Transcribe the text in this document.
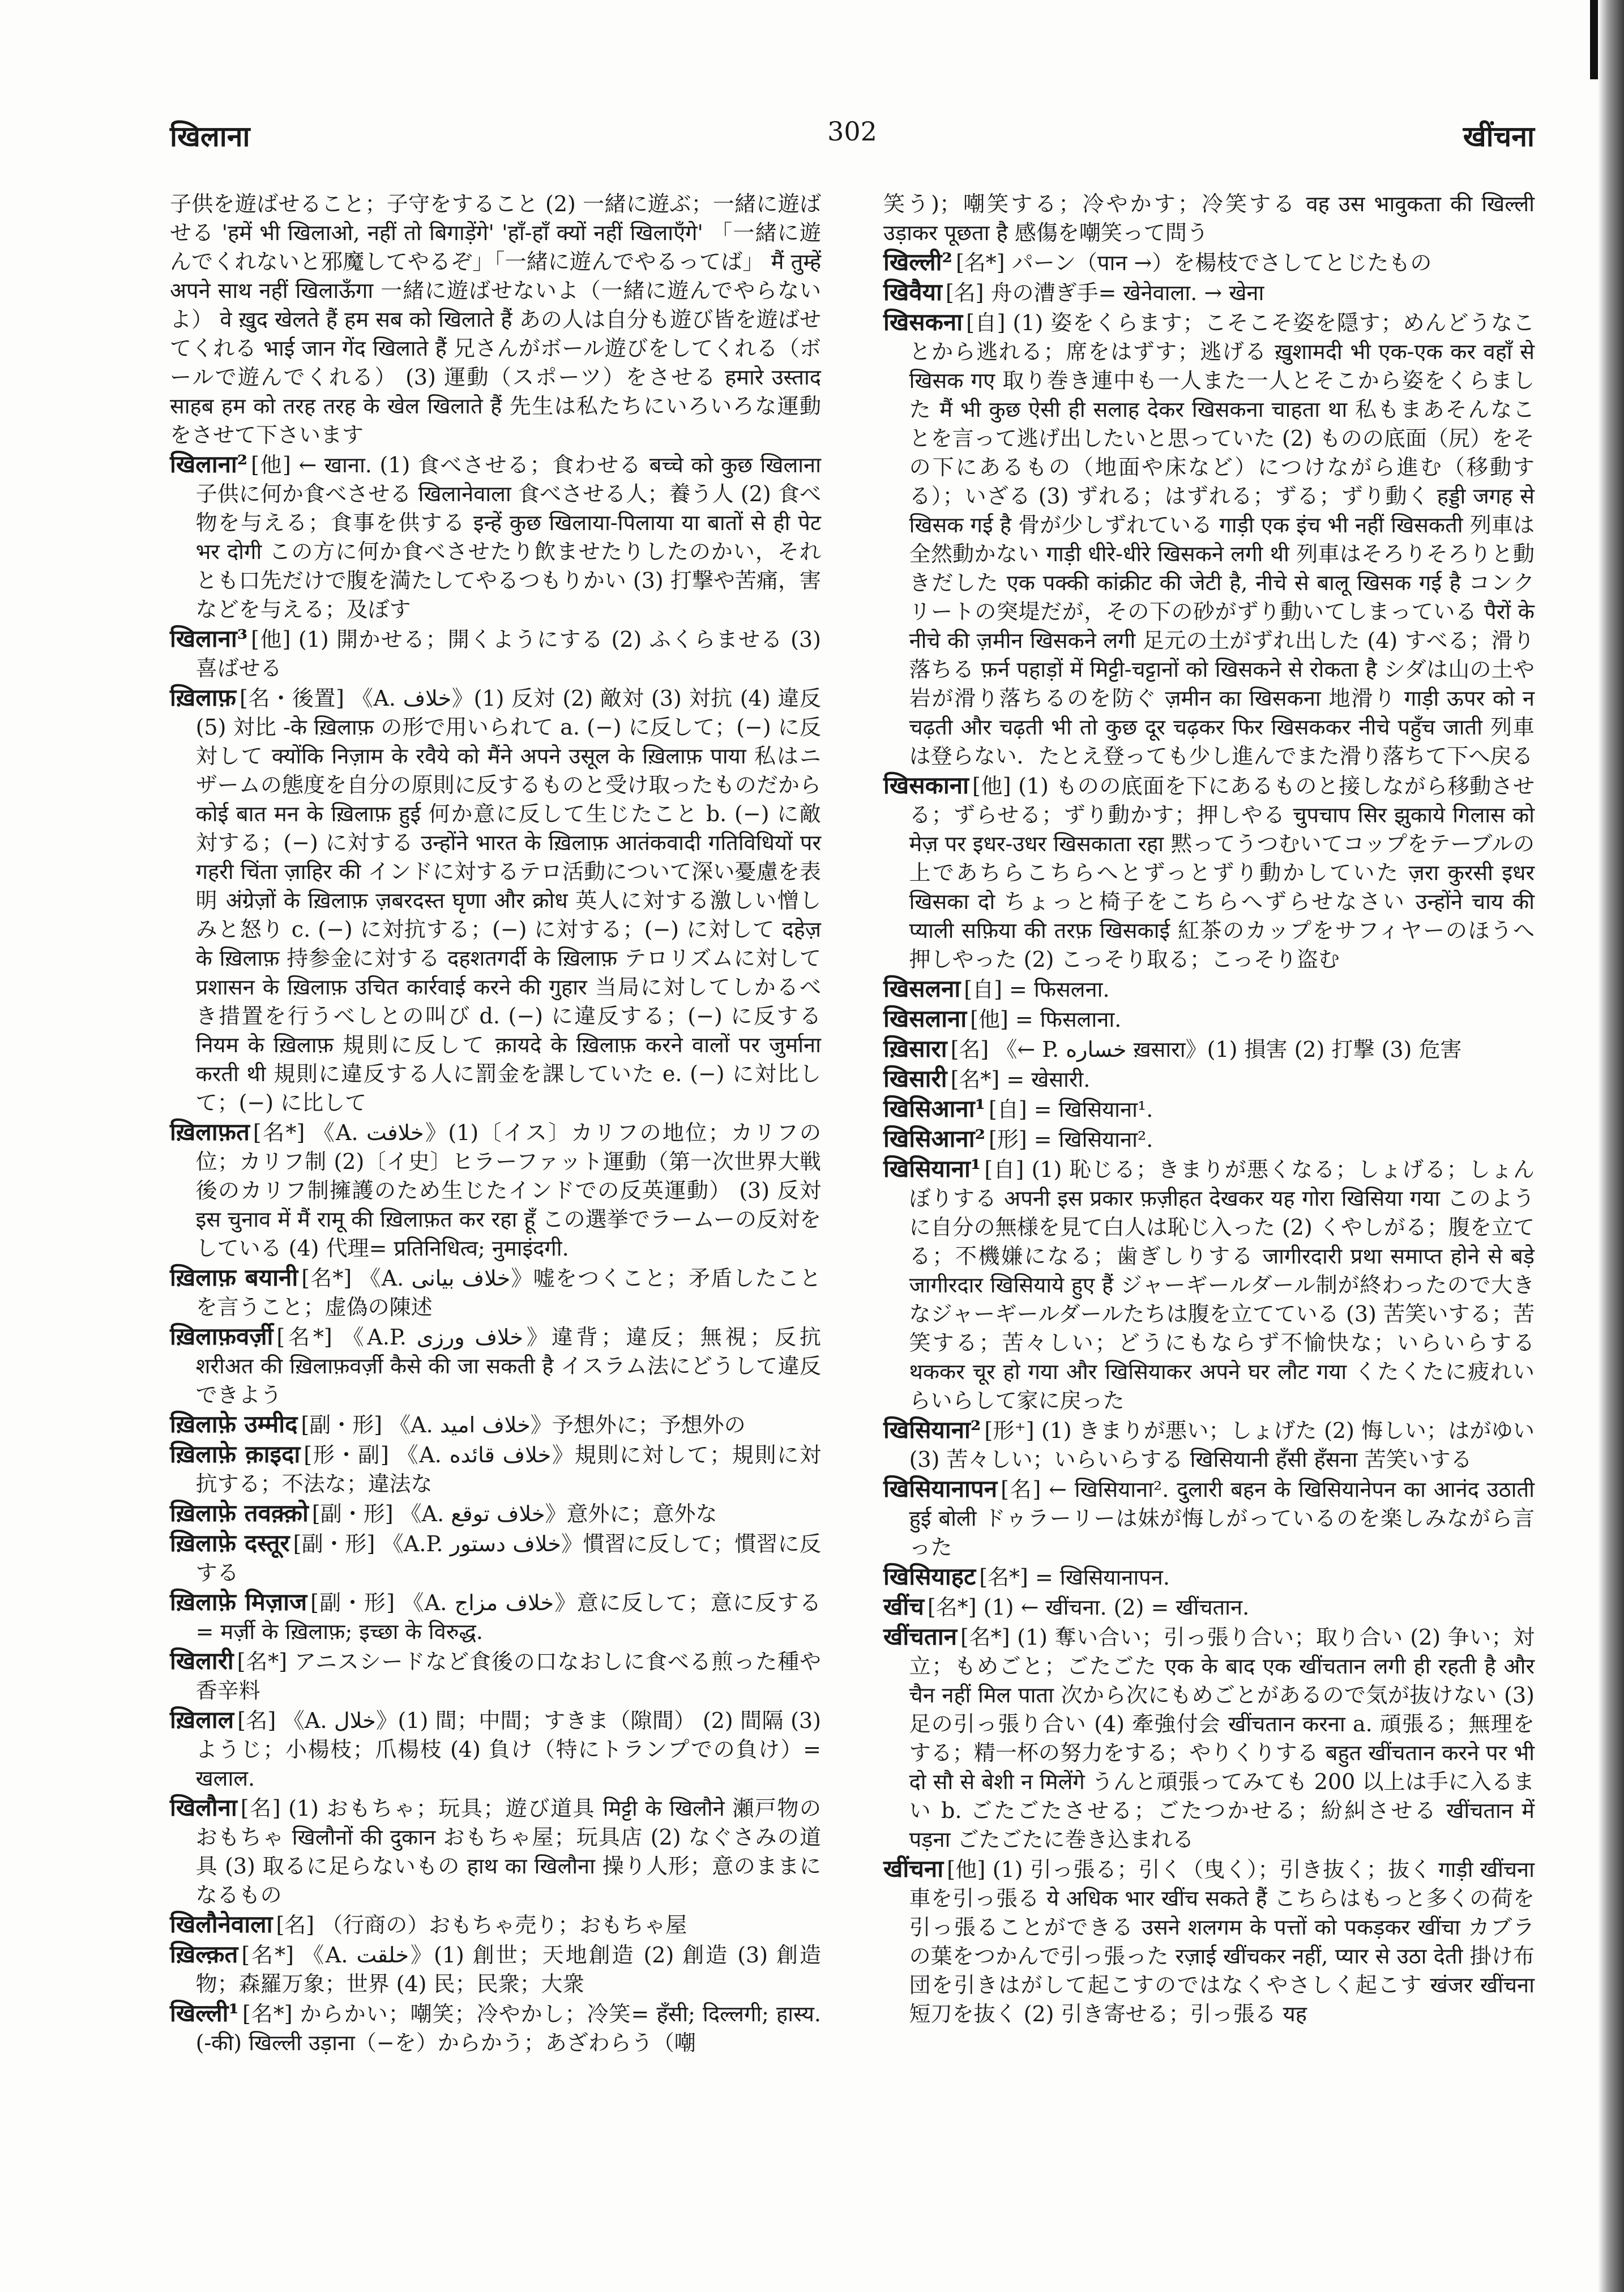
खिलाना	302	खींचना

子供を遊ばせること；子守をすること (2) 一緒に遊ぶ；一緒に遊ばせる 'हमें भी खिलाओ, नहीं तो बिगाड़ेंगे' 'हाँ-हाँ क्यों नहीं खिलाएँगे' 「一緒に遊んでくれないと邪魔してやるぞ」「一緒に遊んでやるってば」 मैं तुम्हें अपने साथ नहीं खिलाऊँगा 一緒に遊ばせないよ（一緒に遊んでやらないよ） वे ख़ुद खेलते हैं हम सब को खिलाते हैं あの人は自分も遊び皆を遊ばせてくれる भाई जान गेंद खिलाते हैं 兄さんがボール遊びをしてくれる（ボールで遊んでくれる） (3) 運動（スポーツ）をさせる हमारे उस्ताद साहब हम को तरह तरह के खेल खिलाते हैं 先生は私たちにいろいろな運動をさせて下さいます

खिलाना² [他] ← खाना. (1) 食べさせる；食わせる बच्चे को कुछ खिलाना 子供に何か食べさせる खिलानेवाला 食べさせる人；養う人 (2) 食べ物を与える；食事を供する इन्हें कुछ खिलाया-पिलाया या बातों से ही पेट भर दोगी この方に何か食べさせたり飲ませたりしたのかい，それとも口先だけで腹を満たしてやるつもりかい (3) 打撃や苦痛，害などを与える；及ぼす

खिलाना³ [他] (1) 開かせる；開くようにする (2) ふくらませる (3) 喜ばせる

ख़िलाफ़ [名・後置] 《A. خلاف》(1) 反対 (2) 敵対 (3) 対抗 (4) 違反 (5) 対比 -के ख़िलाफ़ の形で用いられて a. (−) に反して；(−) に反対して क्योंकि निज़ाम के रवैये को मैंने अपने उसूल के ख़िलाफ़ पाया 私はニザームの態度を自分の原則に反するものと受け取ったものだから कोई बात मन के ख़िलाफ़ हुई 何か意に反して生じたこと b. (−) に敵対する；(−) に対する उन्होंने भारत के ख़िलाफ़ आतंकवादी गतिविधियों पर गहरी चिंता ज़ाहिर की インドに対するテロ活動について深い憂慮を表明 अंग्रेज़ों के ख़िलाफ़ ज़बरदस्त घृणा और क्रोध 英人に対する激しい憎しみと怒り c. (−) に対抗する；(−) に対する；(−) に対して दहेज़ के ख़िलाफ़ 持参金に対する दहशतगर्दी के ख़िलाफ़ テロリズムに対して प्रशासन के ख़िलाफ़ उचित कार्रवाई करने की गुहार 当局に対してしかるべき措置を行うべしとの叫び d. (−) に違反する；(−) に反する नियम के ख़िलाफ़ 規則に反して क़ायदे के ख़िलाफ़ करने वालों पर जुर्माना करती थी 規則に違反する人に罰金を課していた e. (−) に対比して；(−) に比して

ख़िलाफ़त [名*] 《A. خلافت》(1)〔イス〕カリフの地位；カリフの位；カリフ制 (2)〔イ史〕ヒラーファット運動（第一次世界大戦後のカリフ制擁護のため生じたインドでの反英運動） (3) 反対 इस चुनाव में मैं रामू की ख़िलाफ़त कर रहा हूँ この選挙でラームーの反対をしている (4) 代理= प्रतिनिधित्व; नुमाइंदगी.

ख़िलाफ़ बयानी [名*] 《A. خلاف بیانی》嘘をつくこと；矛盾したことを言うこと；虚偽の陳述

ख़िलाफ़वर्ज़ी [名*] 《A.P. خلاف ورزی》違背；違反；無視；反抗 शरीअत की ख़िलाफ़वर्ज़ी कैसे की जा सकती है イスラム法にどうして違反できよう

ख़िलाफ़े उम्मीद [副・形] 《A. خلاف امید》予想外に；予想外の

ख़िलाफ़े क़ाइदा [形・副] 《A. خلاف قائده》規則に対して；規則に対抗する；不法な；違法な

ख़िलाफ़े तवक़्क़ो [副・形] 《A. خلاف توقع》意外に；意外な

ख़िलाफ़े दस्तूर [副・形] 《A.P. خلاف دستور》慣習に反して；慣習に反する

ख़िलाफ़े मिज़ाज [副・形] 《A. خلاف مزاج》意に反して；意に反する= मर्ज़ी के ख़िलाफ़; इच्छा के विरुद्ध.

खिलारी [名*] アニスシードなど食後の口なおしに食べる煎った種や香辛料

ख़िलाल [名] 《A. خلال》(1) 間；中間；すきま（隙間） (2) 間隔 (3) ようじ；小楊枝；爪楊枝 (4) 負け（特にトランプでの負け）= खलाल.

खिलौना [名] (1) おもちゃ；玩具；遊び道具 मिट्टी के खिलौने 瀬戸物のおもちゃ खिलौनों की दुकान おもちゃ屋；玩具店 (2) なぐさみの道具 (3) 取るに足らないもの हाथ का खिलौना 操り人形；意のままになるもの

खिलौनेवाला [名] （行商の）おもちゃ売り；おもちゃ屋

ख़िल्क़त [名*] 《A. خلقت》(1) 創世；天地創造 (2) 創造 (3) 創造物；森羅万象；世界 (4) 民；民衆；大衆

खिल्ली¹ [名*] からかい；嘲笑；冷やかし；冷笑= हँसी; दिल्लगी; हास्य. (-की) खिल्ली उड़ाना（−を）からかう；あざわらう（嘲

笑う)；嘲笑する；冷やかす；冷笑する वह उस भावुकता की खिल्ली उड़ाकर पूछता है 感傷を嘲笑って問う

खिल्ली² [名*] パーン（पान →）を楊枝でさしてとじたもの

खिवैया [名] 舟の漕ぎ手= खेनेवाला. → खेना

खिसकना [自] (1) 姿をくらます；こそこそ姿を隠す；めんどうなことから逃れる；席をはずす；逃げる ख़ुशामदी भी एक-एक कर वहाँ से खिसक गए 取り巻き連中も一人また一人とそこから姿をくらました मैं भी कुछ ऐसी ही सलाह देकर खिसकना चाहता था 私もまあそんなことを言って逃げ出したいと思っていた (2) ものの底面（尻）をその下にあるもの（地面や床など）につけながら進む（移動する）；いざる (3) ずれる；はずれる；ずる；ずり動く हड्डी जगह से खिसक गई है 骨が少しずれている गाड़ी एक इंच भी नहीं खिसकती 列車は全然動かない गाड़ी धीरे-धीरे खिसकने लगी थी 列車はそろりそろりと動きだした एक पक्की कांक्रीट की जेटी है, नीचे से बालू खिसक गई है コンクリートの突堤だが，その下の砂がずり動いてしまっている पैरों के नीचे की ज़मीन खिसकने लगी 足元の土がずれ出した (4) すべる；滑り落ちる फ़र्न पहाड़ों में मिट्टी-चट्टानों को खिसकने से रोकता है シダは山の土や岩が滑り落ちるのを防ぐ ज़मीन का खिसकना 地滑り गाड़ी ऊपर को न चढ़ती और चढ़ती भी तो कुछ दूर चढ़कर फिर खिसककर नीचे पहुँच जाती 列車は登らない．たとえ登っても少し進んでまた滑り落ちて下へ戻る

खिसकाना [他] (1) ものの底面を下にあるものと接しながら移動させる；ずらせる；ずり動かす；押しやる चुपचाप सिर झुकाये गिलास को मेज़ पर इधर-उधर खिसकाता रहा 黙ってうつむいてコップをテーブルの上であちらこちらへとずっとずり動かしていた ज़रा कुरसी इधर खिसका दो ちょっと椅子をこちらへずらせなさい उन्होंने चाय की प्याली सफ़िया की तरफ़ खिसकाई 紅茶のカップをサフィヤーのほうへ押しやった (2) こっそり取る；こっそり盗む

खिसलना [自] = फिसलना.

खिसलाना [他] = फिसलाना.

ख़िसारा [名] 《← P. خساره ख़सारा》(1) 損害 (2) 打撃 (3) 危害

खिसारी [名*] = खेसारी.

खिसिआना¹ [自] = खिसियाना¹.

खिसिआना² [形] = खिसियाना².

खिसियाना¹ [自] (1) 恥じる；きまりが悪くなる；しょげる；しょんぼりする अपनी इस प्रकार फ़ज़ीहत देखकर यह गोरा खिसिया गया このように自分の無様を見て白人は恥じ入った (2) くやしがる；腹を立てる；不機嫌になる；歯ぎしりする जागीरदारी प्रथा समाप्त होने से बड़े जागीरदार खिसियाये हुए हैं ジャーギールダール制が終わったので大きなジャーギールダールたちは腹を立てている (3) 苦笑いする；苦笑する；苦々しい；どうにもならず不愉快な；いらいらする थककर चूर हो गया और खिसियाकर अपने घर लौट गया くたくたに疲れいらいらして家に戻った

खिसियाना² [形⁺] (1) きまりが悪い；しょげた (2) 悔しい；はがゆい (3) 苦々しい；いらいらする खिसियानी हँसी हँसना 苦笑いする

खिसियानापन [名] ← खिसियाना². दुलारी बहन के खिसियानेपन का आनंद उठाती हुई बोली ドゥラーリーは妹が悔しがっているのを楽しみながら言った

खिसियाहट [名*] = खिसियानापन.

खींच [名*] (1) ← खींचना. (2) = खींचतान.

खींचतान [名*] (1) 奪い合い；引っ張り合い；取り合い (2) 争い；対立；もめごと；ごたごた एक के बाद एक खींचतान लगी ही रहती है और चैन नहीं मिल पाता 次から次にもめごとがあるので気が抜けない (3) 足の引っ張り合い (4) 牽強付会 खींचतान करना a. 頑張る；無理をする；精一杯の努力をする；やりくりする बहुत खींचतान करने पर भी दो सौ से बेशी न मिलेंगे うんと頑張ってみても 200 以上は手に入るまい b. ごたごたさせる；ごたつかせる；紛糾させる खींचतान में पड़ना ごたごたに巻き込まれる

खींचना [他] (1) 引っ張る；引く（曳く）；引き抜く；抜く गाड़ी खींचना 車を引っ張る ये अधिक भार खींच सकते हैं こちらはもっと多くの荷を引っ張ることができる उसने शलगम के पत्तों को पकड़कर खींचा カブラの葉をつかんで引っ張った रज़ाई खींचकर नहीं, प्यार से उठा देती 掛け布団を引きはがして起こすのではなくやさしく起こす खंजर खींचना 短刀を抜く (2) 引き寄せる；引っ張る यह
